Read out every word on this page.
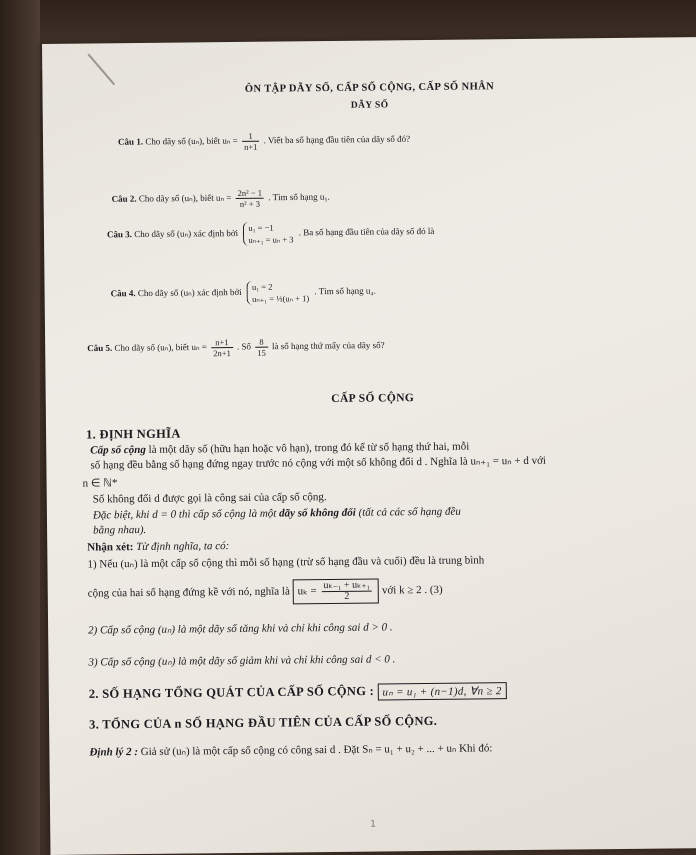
ÔN TẬP DÃY SỐ, CẤP SỐ CỘNG, CẤP SỐ NHÂN
DÃY SỐ
Câu 1. Cho dãy số (uₙ), biết $u_n = \frac{1}{n+1}$ . Viết ba số hạng đầu tiên của dãy số đó?
Câu 2. Cho dãy số (uₙ), biết $u_n = \frac{\text{2n² − 1}}{\text{n² + 3}}$ . Tìm số hạng u₅.
Câu 3. Cho dãy số (uₙ) xác định bởi u₁ = −1
uₙ₊₁ = uₙ + 3 . Ba số hạng đầu tiên của dãy số đó là
Câu 4. Cho dãy số (uₙ) xác định bởi u₁ = 2
uₙ₊₁ = ⅓(uₙ + 1) . Tìm số hạng u₄.
Câu 5. Cho dãy số (uₙ), biết $u_n = \frac{n+1}{2n+1}$ . Số $\frac{8}{15}$ là số hạng thứ mấy của dãy số?
CẤP SỐ CỘNG
1. ĐỊNH NGHĨA
Cấp số cộng là một dãy số (hữu hạn hoặc vô hạn), trong đó kể từ số hạng thứ hai, mỗi
số hạng đều bằng số hạng đứng ngay trước nó cộng với một số không đổi d . Nghĩa là uₙ₊₁ = uₙ + d với
n ∈ ℕ*
Số không đổi d được gọi là công sai của cấp số cộng.
Đặc biệt, khi d = 0 thì cấp số cộng là một dãy số không đổi (tất cả các số hạng đều
bằng nhau).
Nhận xét: Từ định nghĩa, ta có:
1) Nếu (uₙ) là một cấp số cộng thì mỗi số hạng (trừ số hạng đầu và cuối) đều là trung bình
cộng của hai số hạng đứng kề với nó, nghĩa là $u_k = \frac{\text{uₖ₋₁ + uₖ₊₁}}{2}$ với k ≥ 2 . (3)
2) Cấp số cộng (uₙ) là một dãy số tăng khi và chỉ khi công sai d > 0 .
3) Cấp số cộng (uₙ) là một dãy số giảm khi và chỉ khi công sai d < 0 .
2. SỐ HẠNG TỔNG QUÁT CỦA CẤP SỐ CỘNG : uₙ = u₁ + (n−1)d, ∀n ≥ 2
3. TỔNG CỦA n SỐ HẠNG ĐẦU TIÊN CỦA CẤP SỐ CỘNG.
Định lý 2 : Giả sử (uₙ) là một cấp số cộng có công sai d . Đặt Sₙ = u₁ + u₂ + ... + uₙ Khi đó:
1
